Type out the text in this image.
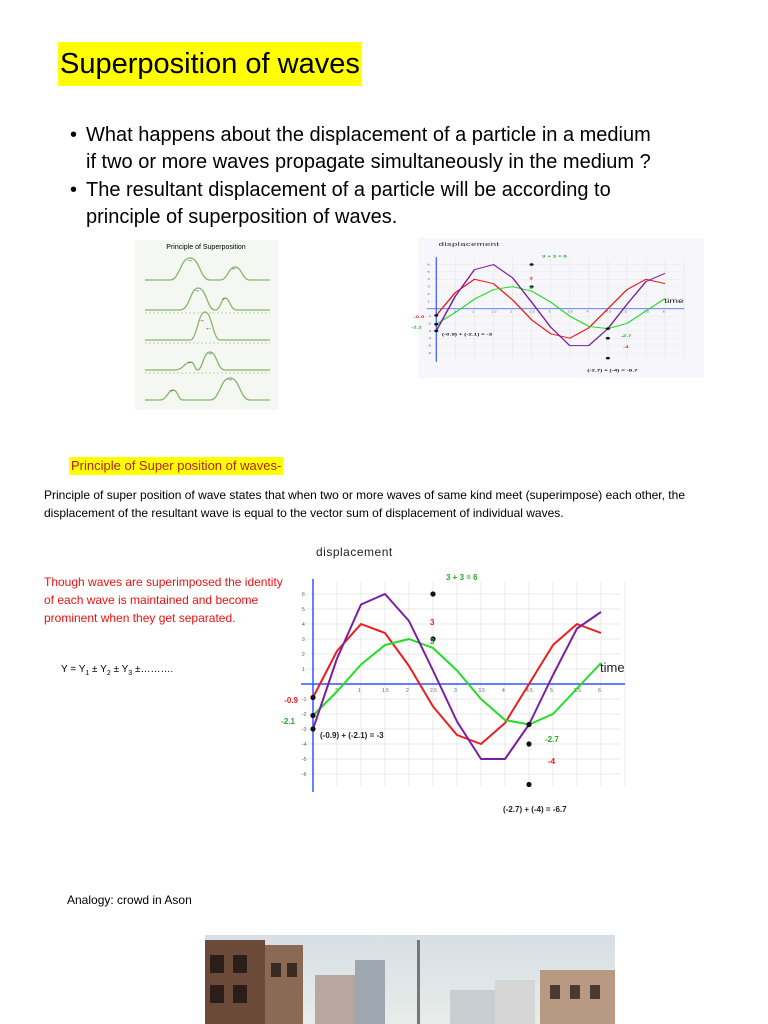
Superposition of waves
• What happens about the displacement of a particle in a medium
if two or more waves propagate simultaneously in the medium ?
• The resultant displacement of a particle will be according to
principle of superposition of waves.
Principle of Superposition
→
←
→
←
→
←
←
→
←
→
.5	1	1.5	2	2.5	3	3.5	4	4.5	5	5.5	6
6
5
4
3
2
1
-1
-2
-3
-4
-5
-6
displacement
time
3 + 3 = 6
3
3
-0.9
-2.1
(-0.9) + (-2.1) = -3	-2.7
-4
(-2.7) + (-4) = -6.7
Principle of Super position of waves-
Principle of super position of wave states that when two or more waves of same kind meet (superimpose) each other, the displacement of the resultant wave is equal to the vector sum of displacement of individual waves.
Though waves are superimposed the identity of each wave is maintained and become prominent when they get separated.
$Y = Y_1 \pm Y_2 \pm Y_3$ ±……….
.5	1	1.5	2	2.5	3	3.5	4	4.5	5	5.5	6
6
5
4
3
2
1
-1
-2
-3
-4
-5
-6
displacement
time
3 + 3 = 6
3
3
-0.9
-2.1
(-0.9) + (-2.1) = -3	-2.7
-4
(-2.7) + (-4) = -6.7
Analogy: crowd in Ason
